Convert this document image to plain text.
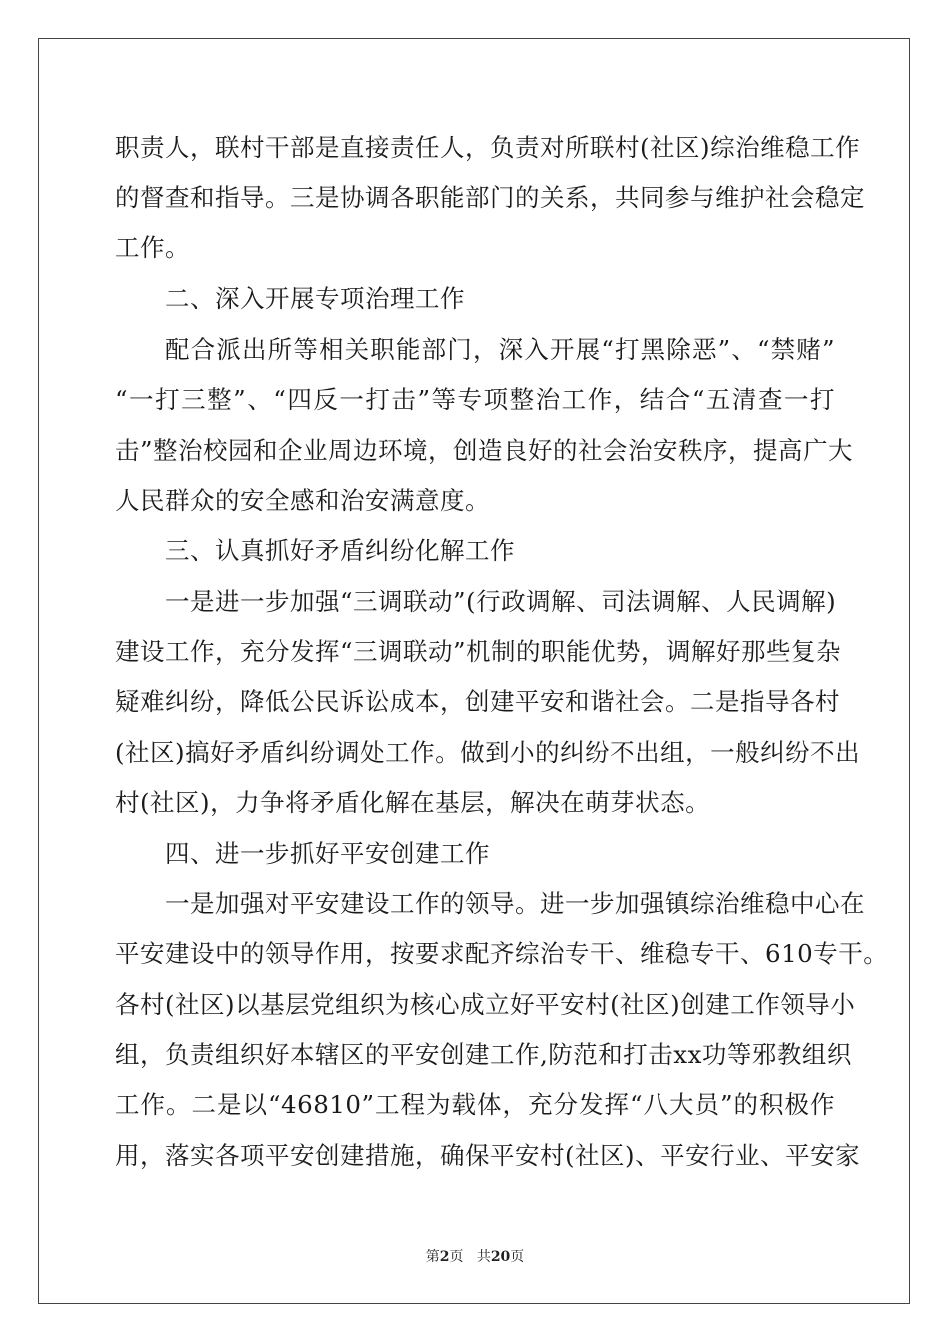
职责人，联村干部是直接责任人，负责对所联村(社区)综治维稳工作
的督查和指导。三是协调各职能部门的关系，共同参与维护社会稳定
工作。
二、深入开展专项治理工作
配合派出所等相关职能部门，深入开展“打黑除恶”、“禁赌”
“一打三整”、“四反一打击”等专项整治工作，结合“五清查一打
击”整治校园和企业周边环境，创造良好的社会治安秩序，提高广大
人民群众的安全感和治安满意度。
三、认真抓好矛盾纠纷化解工作
一是进一步加强“三调联动”(行政调解、司法调解、人民调解)
建设工作，充分发挥“三调联动”机制的职能优势，调解好那些复杂
疑难纠纷，降低公民诉讼成本，创建平安和谐社会。二是指导各村
(社区)搞好矛盾纠纷调处工作。做到小的纠纷不出组，一般纠纷不出
村(社区)，力争将矛盾化解在基层，解决在萌芽状态。
四、进一步抓好平安创建工作
一是加强对平安建设工作的领导。进一步加强镇综治维稳中心在
平安建设中的领导作用，按要求配齐综治专干、维稳专干、610专干。
各村(社区)以基层党组织为核心成立好平安村(社区)创建工作领导小
组，负责组织好本辖区的平安创建工作,防范和打击xx功等邪教组织
工作。二是以“46810”工程为载体，充分发挥“八大员”的积极作
用，落实各项平安创建措施，确保平安村(社区)、平安行业、平安家
第2页 共20页
